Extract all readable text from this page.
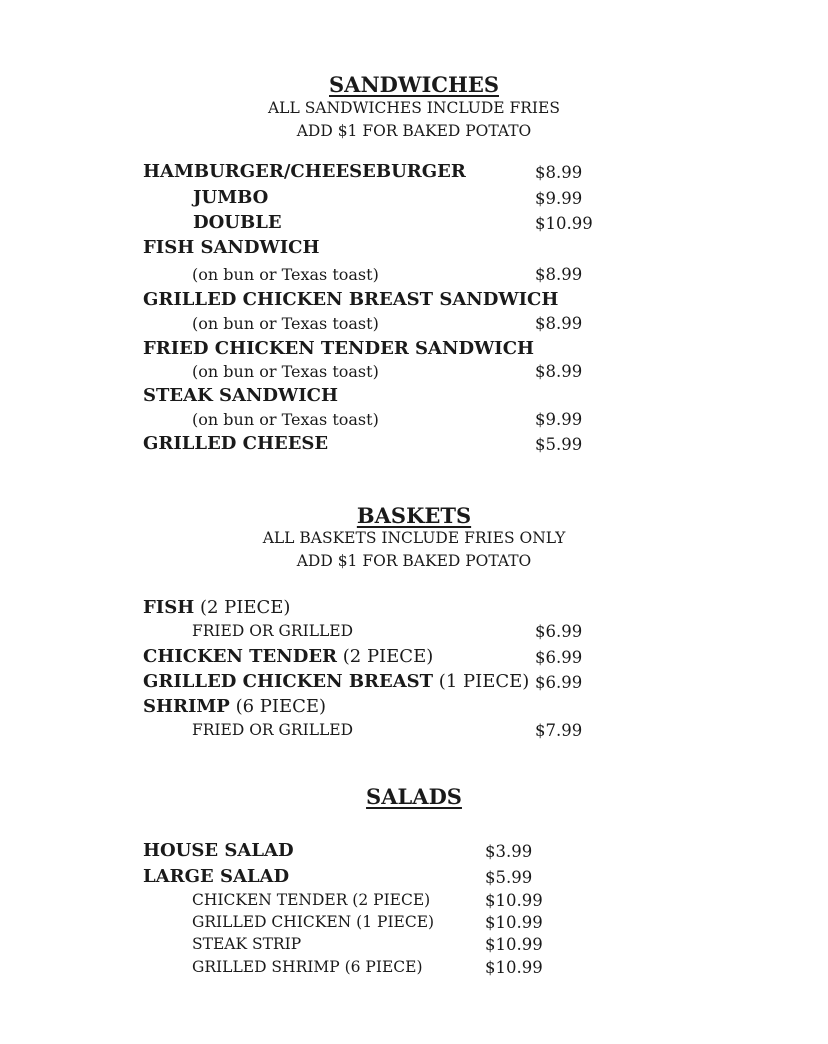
SANDWICHES
ALL SANDWICHES INCLUDE FRIES
ADD $1 FOR BAKED POTATO
HAMBURGER/CHEESEBURGER	$8.99
JUMBO	$9.99
DOUBLE	$10.99
FISH SANDWICH
(on bun or Texas toast)	$8.99
GRILLED CHICKEN BREAST SANDWICH
(on bun or Texas toast)	$8.99
FRIED CHICKEN TENDER SANDWICH
(on bun or Texas toast)	$8.99
STEAK SANDWICH
(on bun or Texas toast)	$9.99
GRILLED CHEESE	$5.99
BASKETS
ALL BASKETS INCLUDE FRIES ONLY
ADD $1 FOR BAKED POTATO
FISH (2 PIECE)
FRIED OR GRILLED	$6.99
CHICKEN TENDER (2 PIECE)	$6.99
GRILLED CHICKEN BREAST (1 PIECE) $6.99
SHRIMP (6 PIECE)
FRIED OR GRILLED	$7.99
SALADS
HOUSE SALAD	$3.99
LARGE SALAD	$5.99
CHICKEN TENDER (2 PIECE)	$10.99
GRILLED CHICKEN (1 PIECE)	$10.99
STEAK STRIP	$10.99
GRILLED SHRIMP (6 PIECE)	$10.99
